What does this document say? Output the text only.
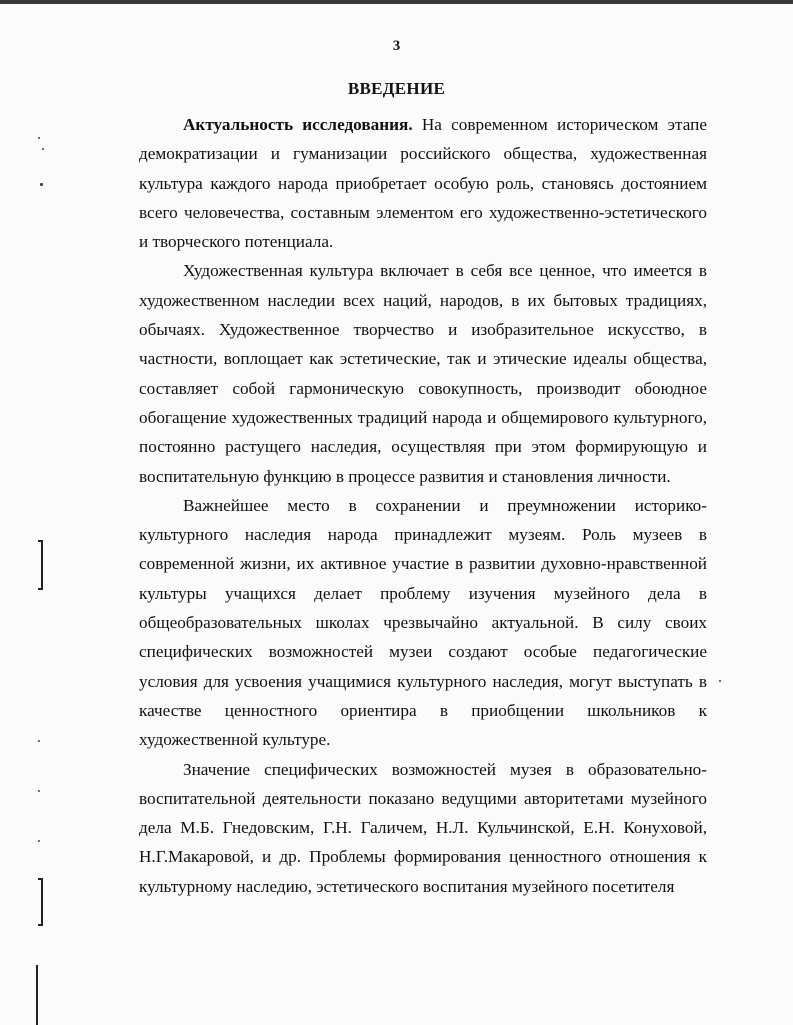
3
ВВЕДЕНИЕ

Актуальность исследования. На современном историческом этапе демократизации и гуманизации российского общества, художественная культура каждого народа приобретает особую роль, становясь достоянием всего человечества, составным элементом его художественно-эстетического и творческого потенциала.

Художественная культура включает в себя все ценное, что имеется в художественном наследии всех наций, народов, в их бытовых традициях, обычаях. Художественное творчество и изобразительное искусство, в частности, воплощает как эстетические, так и этические идеалы общества, составляет собой гармоническую совокупность, производит обоюдное обогащение художественных традиций народа и общемирового культурного, постоянно растущего наследия, осуществляя при этом формирующую и воспитательную функцию в процессе развития и становления личности.

Важнейшее место в сохранении и преумножении историко-культурного наследия народа принадлежит музеям. Роль музеев в современной жизни, их активное участие в развитии духовно-нравственной культуры учащихся делает проблему изучения музейного дела в общеобразовательных школах чрезвычайно актуальной. В силу своих специфических возможностей музеи создают особые педагогические условия для усвоения учащимися культурного наследия, могут выступать в качестве ценностного ориентира в приобщении школьников к художественной культуре.

Значение специфических возможностей музея в образовательно-воспитательной деятельности показано ведущими авторитетами музейного дела М.Б. Гнедовским, Г.Н. Галичем, Н.Л. Кульчинской, Е.Н. Конуховой, Н.Г.Макаровой, и др. Проблемы формирования ценностного отношения к культурному наследию, эстетического воспитания музейного посетителя
